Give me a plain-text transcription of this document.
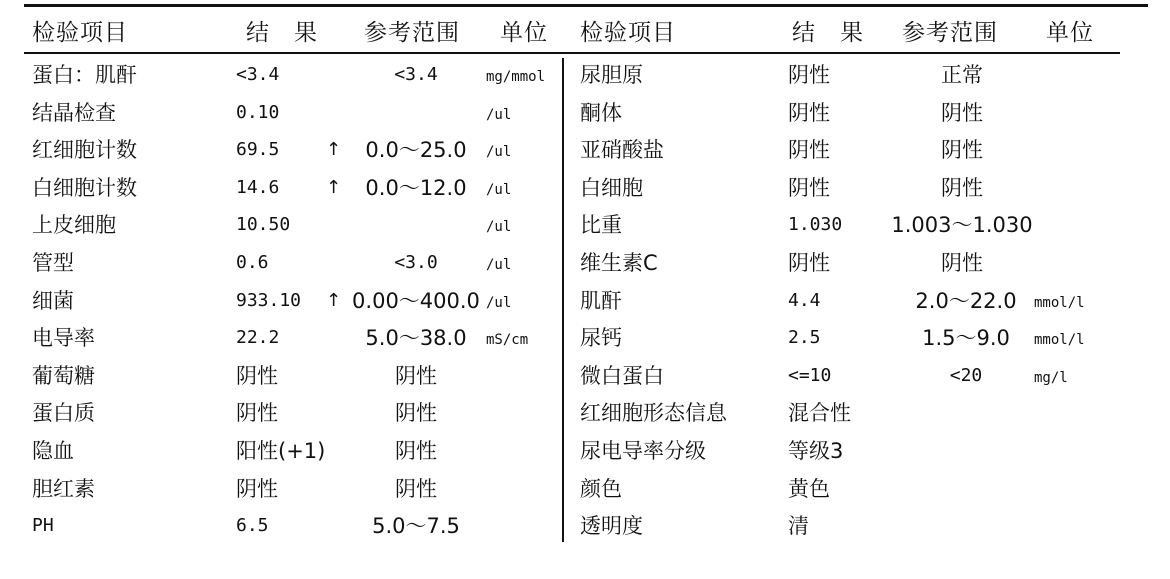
检验项目	结　果 参考范围 单位 检验项目	结　果 参考范围 单位
蛋白：肌酐	<3.4	<3.4	mg/mmol
结晶检查	0.10	/ul
红细胞计数	69.5	↑	0.0～25.0	/ul
白细胞计数	14.6	↑	0.0～12.0	/ul
上皮细胞	10.50	/ul
管型	0.6	<3.0	/ul
细菌	933.10 ↑ 0.00～400.0 /ul
电导率	22.2	5.0～38.0	mS/cm
葡萄糖	阴性	阴性
蛋白质	阴性	阴性
隐血	阳性(+1)	阴性
胆红素	阴性	阴性
PH	6.5	5.0～7.5
尿胆原	阴性	正常
酮体	阴性	阴性
亚硝酸盐	阴性	阴性
白细胞	阴性	阴性
比重	1.030	1.003～1.030
维生素C	阴性	阴性
肌酐	4.4	2.0～22.0	mmol/l
尿钙	2.5	1.5～9.0	mmol/l
微白蛋白	<=10	<20	mg/l
红细胞形态信息	混合性
尿电导率分级	等级3
颜色	黄色
透明度	清
